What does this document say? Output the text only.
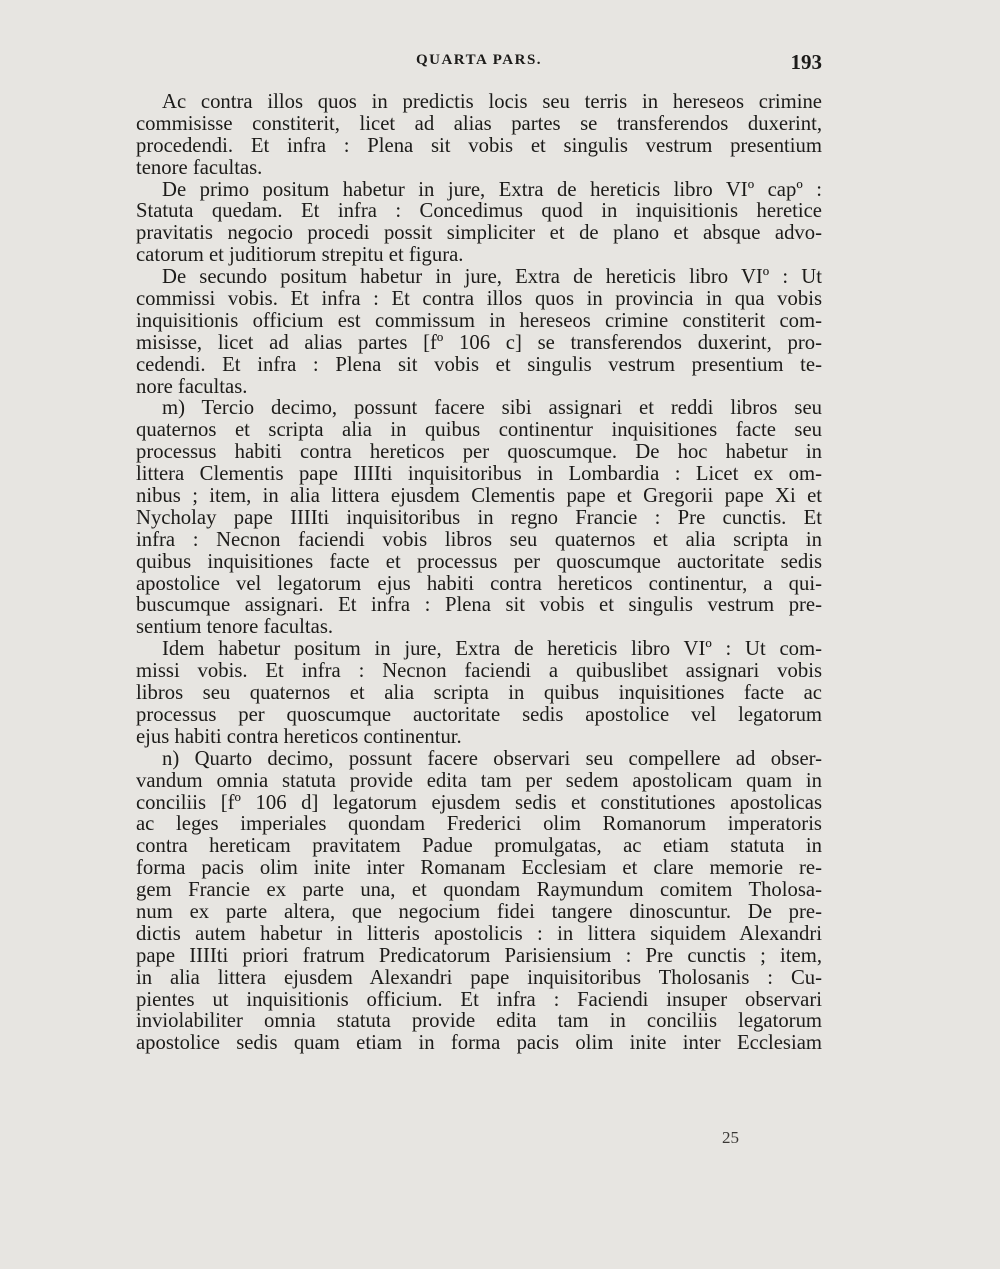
QUARTA PARS.	193
Ac contra illos quos in predictis locis seu terris in hereseos crimine
commisisse constiterit, licet ad alias partes se transferendos duxerint,
procedendi. Et infra : Plena sit vobis et singulis vestrum presentium
tenore facultas.
De primo positum habetur in jure, Extra de hereticis libro VIº capº :
Statuta quedam. Et infra : Concedimus quod in inquisitionis heretice
pravitatis negocio procedi possit simpliciter et de plano et absque advo-
catorum et juditiorum strepitu et figura.
De secundo positum habetur in jure, Extra de hereticis libro VIº : Ut
commissi vobis. Et infra : Et contra illos quos in provincia in qua vobis
inquisitionis officium est commissum in hereseos crimine constiterit com-
misisse, licet ad alias partes [fº 106 c] se transferendos duxerint, pro-
cedendi. Et infra : Plena sit vobis et singulis vestrum presentium te-
nore facultas.
m) Tercio decimo, possunt facere sibi assignari et reddi libros seu
quaternos et scripta alia in quibus continentur inquisitiones facte seu
processus habiti contra hereticos per quoscumque. De hoc habetur in
littera Clementis pape IIIIti inquisitoribus in Lombardia : Licet ex om-
nibus ; item, in alia littera ejusdem Clementis pape et Gregorii pape Xi et
Nycholay pape IIIIti inquisitoribus in regno Francie : Pre cunctis. Et
infra : Necnon faciendi vobis libros seu quaternos et alia scripta in
quibus inquisitiones facte et processus per quoscumque auctoritate sedis
apostolice vel legatorum ejus habiti contra hereticos continentur, a qui-
buscumque assignari. Et infra : Plena sit vobis et singulis vestrum pre-
sentium tenore facultas.
Idem habetur positum in jure, Extra de hereticis libro VIº : Ut com-
missi vobis. Et infra : Necnon faciendi a quibuslibet assignari vobis
libros seu quaternos et alia scripta in quibus inquisitiones facte ac
processus per quoscumque auctoritate sedis apostolice vel legatorum
ejus habiti contra hereticos continentur.
n) Quarto decimo, possunt facere observari seu compellere ad obser-
vandum omnia statuta provide edita tam per sedem apostolicam quam in
conciliis [fº 106 d] legatorum ejusdem sedis et constitutiones apostolicas
ac leges imperiales quondam Frederici olim Romanorum imperatoris
contra hereticam pravitatem Padue promulgatas, ac etiam statuta in
forma pacis olim inite inter Romanam Ecclesiam et clare memorie re-
gem Francie ex parte una, et quondam Raymundum comitem Tholosa-
num ex parte altera, que negocium fidei tangere dinoscuntur. De pre-
dictis autem habetur in litteris apostolicis : in littera siquidem Alexandri
pape IIIIti priori fratrum Predicatorum Parisiensium : Pre cunctis ; item,
in alia littera ejusdem Alexandri pape inquisitoribus Tholosanis : Cu-
pientes ut inquisitionis officium. Et infra : Faciendi insuper observari
inviolabiliter omnia statuta provide edita tam in conciliis legatorum
apostolice sedis quam etiam in forma pacis olim inite inter Ecclesiam
25
